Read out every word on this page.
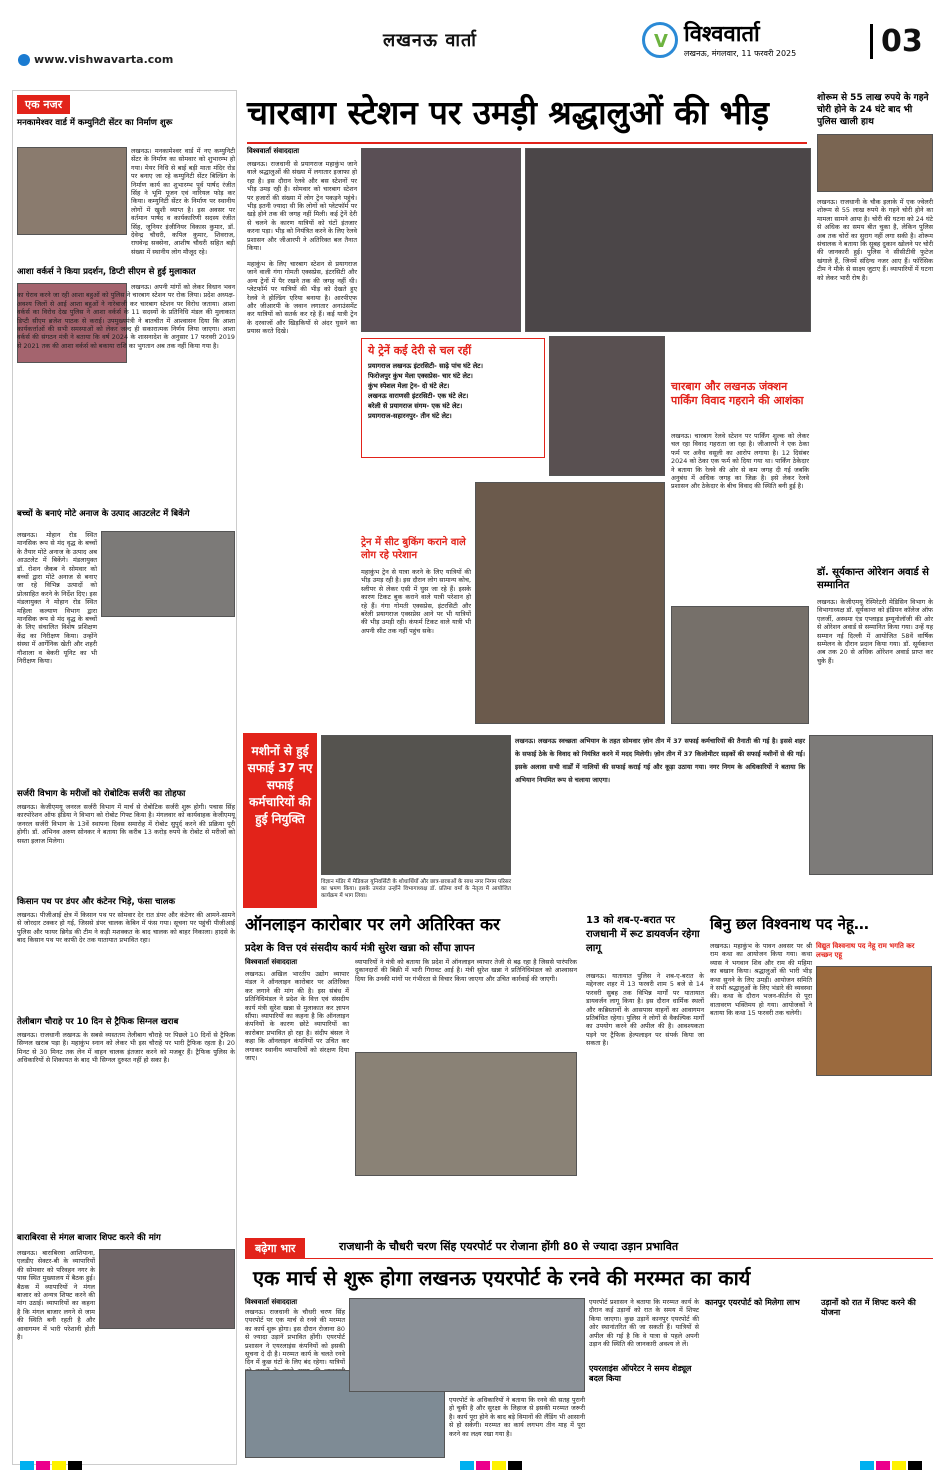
लखनऊ वार्ता
www.vishwavarta.com
V विश्ववार्ता
लखनऊ, मंगलवार, 11 फरवरी 2025	03
एक नजर
मनकामेश्वर वार्ड में कम्युनिटी सेंटर का निर्माण शुरू
लखनऊ। मनकामेश्वर वार्ड में नए कम्युनिटी सेंटर के निर्माण का सोमवार को शुभारम्भ हो गया। मेयर निधि से बाई बड़ी माता मंदिर रोड पर बनाए जा रहे कम्युनिटी सेंटर बिल्डिंग के निर्माण कार्य का शुभारम्भ पूर्व पार्षद रंजीत सिंह ने भूमि पूजन एवं नारियल फोड़ कर किया। कम्युनिटी सेंटर के निर्माण पर स्थानीय लोगों में खुशी व्याप्त है। इस अवसर पर वर्तमान पार्षद व कार्यकारिणी सदस्य रंजीत सिंह, जूनियर इंजीनियर विकास कुमार, डॉ. देवेन्द्र चौधरी, कपिल कुमार, शिवराज, राघवेन्द्र सक्सेना, आशीष चौधरी सहित बड़ी संख्या में स्थानीय लोग मौजूद रहे।
आशा वर्कर्स ने किया प्रदर्शन, डिप्टी सीएम से हुई मुलाकात
लखनऊ। अपनी मांगों को लेकर विधान भवन का घेराव करने जा रही आशा बहुओं को पुलिस ने चारबाग स्टेशन पर रोक लिया। प्रदेश अध्यक्ष-अवश्य जिलों से आई आशा बहुओं ने नारेबाजी कर चारबाग स्टेशन पर विरोध जताया। आशा वर्कर्स का विरोध देख पुलिस ने आशा वर्कर्स के 11 सदस्यों के प्रतिनिधि मंडल की मुलाकात डिप्टी सीएम ब्रजेश पाठक से कराई। उपमुख्यमंत्री ने बातचीत में आश्वासन दिया कि आशा कार्यकर्त्ताओं की सभी समस्याओं को लेकर जल्द ही सकारात्मक निर्णय लिया जाएगा। आशा वर्कर्स की संगठन मंत्री ने बताया कि वर्ष 2024 के शासनादेश के अनुसार 17 फरवरी 2019 से 2021 तक की आशा वर्कर्स को बकाया राशि का भुगतान अब तक नहीं किया गया है।
बच्चों के बनाएं मोटे अनाज के उत्पाद आउटलेट में बिकेंगे
लखनऊ। मोहान रोड स्थित मानसिक रूप से मंद वृद्ध के बच्चों के तैयार मोटे अनाज के उत्पाद अब आउटलेट में बिकेंगे। मंडलायुक्त डॉ. रोशन जैकब ने सोमवार को बच्चों द्वारा मोटे अनाज से बनाए जा रहे विभिन्न उत्पादों को प्रोत्साहित करने के निर्देश दिए। इस मंडलायुक्त ने मोहान रोड स्थित महिला कल्याण विभाग द्वारा मानसिक रूप से मंद वृद्ध के बच्चों के लिए संचालित विशेष प्रशिक्षण केंद्र का निरीक्षण किया। उन्होंने संस्था में आर्गेनिक खेती और शहरी गौशाला व बेकरी यूनिट का भी निरीक्षण किया।
सर्जरी विभाग के मरीजों को रोबोटिक सर्जरी का तोहफा
लखनऊ। केजीएमयू जनरल सर्जरी विभाग में मार्च से रोबोटिक सर्जरी शुरू होगी। पचास सिंह कारपोरेशन ऑफ इंडिया ने विभाग को रोबोट गिफ्ट किया है। मंगलवार को कार्यवाहक केजीएमयू जनरल सर्जरी विभाग के 13वें स्थापना दिवस समारोह में रोबोट सुपुर्द करने की प्रक्रिया पूरी होगी। डॉ. अभिनव अरुण सोनकर ने बताया कि करीब 13 करोड़ रुपये के रोबोट से मरीजों को सस्ता इलाज मिलेगा।
किसान पथ पर डंपर और कंटेनर भिड़े, फंसा चालक
लखनऊ। पीजीआई क्षेत्र में किसान पथ पर सोमवार देर रात डंपर और कंटेनर की आमने-सामने से जोरदार टक्कर हो गई, जिससे डंपर चालक केबिन में फंस गया। सूचना पर पहुंची पीजीआई पुलिस और फायर ब्रिगेड की टीम ने कड़ी मशक्कत के बाद चालक को बाहर निकाला। हादसे के बाद किसान पथ पर काफी देर तक यातायात प्रभावित रहा।
तेलीबाग चौराहे पर 10 दिन से ट्रैफिक सिग्नल खराब
लखनऊ। राजधानी लखनऊ के सबसे व्यस्ततम तेलीबाग चौराहे पर पिछले 10 दिनों से ट्रैफिक सिग्नल खराब पड़ा है। महाकुंभ स्नान को लेकर भी इस चौराहे पर भारी ट्रैफिक रहता है। 20 मिनट से 30 मिनट तक लेन में वाहन चालक इंतजार करने को मजबूर हैं। ट्रैफिक पुलिस के अधिकारियों से शिकायत के बाद भी सिग्नल दुरुस्त नहीं हो सका है।
बाराबिरवा से मंगल बाजार शिफ्ट करने की मांग
लखनऊ। बाराबिरवा आशियाना, एलडीए सेक्टर-बी के व्यापारियों की सोमवार को परिवहन नगर के पास स्थित मुख्यालय में बैठक हुई। बैठक में व्यापारियों ने मंगल बाजार को अन्यत्र शिफ्ट करने की मांग उठाई। व्यापारियों का कहना है कि मंगल बाजार लगने से जाम की स्थिति बनी रहती है और आवागमन में भारी परेशानी होती है।
चारबाग स्टेशन पर उमड़ी श्रद्धालुओं की भीड़
विश्ववार्ता संवाददाता
लखनऊ। राजधानी से प्रयागराज महाकुंभ जाने वाले श्रद्धालुओं की संख्या में लगातार इजाफा हो रहा है। इस दौरान रेलवे और बस स्टेशनों पर भीड़ उमड़ रही है। सोमवार को चारबाग स्टेशन पर हजारों की संख्या में लोग ट्रेन पकड़ने पहुंचे। भीड़ इतनी ज्यादा थी कि लोगों को प्लेटफॉर्म पर खड़े होने तक की जगह नहीं मिली। कई ट्रेनें देरी से चलने के कारण यात्रियों को घंटों इंतजार करना पड़ा। भीड़ को नियंत्रित करने के लिए रेलवे प्रशासन और जीआरपी ने अतिरिक्त बल तैनात किया।
महाकुंभ के लिए चारबाग स्टेशन से प्रयागराज जाने वाली गंगा गोमती एक्सप्रेस, इंटरसिटी और अन्य ट्रेनों में पैर रखने तक की जगह नहीं थी। प्लेटफॉर्म पर यात्रियों की भीड़ को देखते हुए रेलवे ने होल्डिंग एरिया बनाया है। आरपीएफ और जीआरपी के जवान लगातार अनाउंसमेंट कर यात्रियों को सतर्क कर रहे हैं। कई यात्री ट्रेन के दरवाजों और खिड़कियों से अंदर घुसने का प्रयास करते दिखे।
ये ट्रेनें कई देरी से चल रहीं
प्रयागराज लखनऊ इंटरसिटी- साढ़े पांच घंटे लेट।
फिरोजपुर कुंभ मेला एक्सप्रेस- चार घंटे लेट।
कुंभ स्पेशल मेला ट्रेन- दो घंटे लेट।
लखनऊ वाराणसी इंटरसिटी- एक घंटे लेट।
बरेली से प्रयागराज संगम- एक घंटे लेट।
प्रयागराज-सहारनपुर- तीन घंटे लेट।
ट्रेन में सीट बुकिंग कराने वाले लोग रहे परेशान
महाकुंभ ट्रेन से यात्रा करने के लिए यात्रियों की भीड़ उमड़ रही है। इस दौरान लोग सामान्य कोच, स्लीपर से लेकर एसी में घुस जा रहे हैं। इसके कारण टिकट बुक कराने वाले यात्री परेशान हो रहे हैं। गंगा गोमती एक्सप्रेस, इंटरसिटी और बरेली प्रयागराज एक्सप्रेस आने पर भी यात्रियों की भीड़ उमड़ी रही। कंफर्म टिकट वाले यात्री भी अपनी सीट तक नहीं पहुंच सके।
चारबाग और लखनऊ जंक्शन पार्किंग विवाद गहराने की आशंका
लखनऊ। चारबाग रेलवे स्टेशन पर पार्किंग शुल्क को लेकर चल रहा विवाद गहराता जा रहा है। जीआरपी ने एक ठेका फर्म पर अवैध वसूली का आरोप लगाया है। 12 दिसंबर 2024 को ठेका एक फर्म को दिया गया था। पार्किंग ठेकेदार ने बताया कि रेलवे की ओर से कम जगह दी गई जबकि अनुबंध में अधिक जगह का जिक्र है। इसे लेकर रेलवे प्रशासन और ठेकेदार के बीच विवाद की स्थिति बनी हुई है।
शोरूम से 55 लाख रुपये के गहने चोरी होने के 24 घंटे बाद भी पुलिस खाली हाथ
लखनऊ। राजधानी के चौक इलाके में एक ज्वेलरी शोरूम से 55 लाख रुपये के गहने चोरी होने का मामला सामने आया है। चोरी की घटना को 24 घंटे से अधिक का समय बीत चुका है, लेकिन पुलिस अब तक चोरों का सुराग नहीं लगा सकी है। शोरूम संचालक ने बताया कि सुबह दुकान खोलने पर चोरी की जानकारी हुई। पुलिस ने सीसीटीवी फुटेज खंगाले हैं, जिनमें संदिग्ध नजर आए हैं। फॉरेंसिक टीम ने मौके से साक्ष्य जुटाए हैं। व्यापारियों में घटना को लेकर भारी रोष है।
डॉ. सूर्यकान्त ओरेशन अवार्ड से सम्मानित
लखनऊ। केजीएमयू रेस्पिरेटरी मेडिसिन विभाग के विभागाध्यक्ष डॉ. सूर्यकान्त को इंडियन कॉलेज ऑफ एलर्जी, अस्थमा एंड एप्लाइड इम्यूनोलॉजी की ओर से ओरेशन अवार्ड से सम्मानित किया गया। उन्हें यह सम्मान नई दिल्ली में आयोजित 58वें वार्षिक सम्मेलन के दौरान प्रदान किया गया। डॉ. सूर्यकान्त अब तक 20 से अधिक ओरेशन अवार्ड प्राप्त कर चुके हैं।
मशीनों से हुई सफाई 37 नए सफाई कर्मचारियों की हुई नियुक्ति
विज्ञान मंडिर में मेडिकल यूनिवर्सिटी के शोधार्थियों और छात्र-छात्राओं के साथ नगर निगम परिसर का भ्रमण किया। इसके उपरांत उन्होंने विभागाध्यक्ष डॉ. प्रतिमा वर्मा के नेतृत्व में आयोजित कार्यक्रम में भाग लिया।
लखनऊ। लखनऊ स्वच्छता अभियान के तहत सोमवार ज़ोन तीन में 37 सफाई कर्मचारियों की तैनाती की गई है। इससे शहर के सफाई ठेके के विवाद को नियंत्रित करने में मदद मिलेगी। ज़ोन तीन में 37 किलोमीटर सड़कों की सफाई मशीनों से की गई। इसके अलावा सभी वार्डों में नालियों की सफाई कराई गई और कूड़ा उठाया गया। नगर निगम के अधिकारियों ने बताया कि अभियान नियमित रूप से चलाया जाएगा।
ऑनलाइन कारोबार पर लगे अतिरिक्त कर
प्रदेश के वित्त एवं संसदीय कार्य मंत्री सुरेश खन्ना को सौंपा ज्ञापन
विश्ववार्ता संवाददाता
लखनऊ। अखिल भारतीय उद्योग व्यापार मंडल ने ऑनलाइन कारोबार पर अतिरिक्त कर लगाने की मांग की है। इस संबंध में प्रतिनिधिमंडल ने प्रदेश के वित्त एवं संसदीय कार्य मंत्री सुरेश खन्ना से मुलाकात कर ज्ञापन सौंपा। व्यापारियों का कहना है कि ऑनलाइन कंपनियों के कारण छोटे व्यापारियों का कारोबार प्रभावित हो रहा है। संदीप बंसल ने कहा कि ऑनलाइन कंपनियों पर उचित कर लगाकर स्थानीय व्यापारियों को संरक्षण दिया जाए।
व्यापारियों ने मंत्री को बताया कि प्रदेश में ऑनलाइन व्यापार तेजी से बढ़ रहा है जिससे पारंपरिक दुकानदारों की बिक्री में भारी गिरावट आई है। मंत्री सुरेश खन्ना ने प्रतिनिधिमंडल को आश्वासन दिया कि उनकी मांगों पर गंभीरता से विचार किया जाएगा और उचित कार्रवाई की जाएगी।
13 को शब-ए-बरात पर राजधानी में रूट डायवर्जन रहेगा लागू
लखनऊ। यातायात पुलिस ने शब-ए-बरात के मद्देनजर शहर में 13 फरवरी शाम 5 बजे से 14 फरवरी सुबह तक विभिन्न मार्गों पर यातायात डायवर्जन लागू किया है। इस दौरान धार्मिक स्थलों और कब्रिस्तानों के आसपास वाहनों का आवागमन प्रतिबंधित रहेगा। पुलिस ने लोगों से वैकल्पिक मार्गों का उपयोग करने की अपील की है। आवश्यकता पड़ने पर ट्रैफिक हेल्पलाइन पर संपर्क किया जा सकता है।
बिनु छल विश्वनाथ पद नेहू…
लखनऊ। महाकुंभ के पावन अवसर पर श्री राम कथा का आयोजन किया गया। कथा व्यास ने भगवान शिव और राम की महिमा का बखान किया। श्रद्धालुओं की भारी भीड़ कथा सुनने के लिए उमड़ी। आयोजन समिति ने सभी श्रद्धालुओं के लिए भंडारे की व्यवस्था की। कथा के दौरान भजन-कीर्तन से पूरा वातावरण भक्तिमय हो गया। आयोजकों ने बताया कि कथा 15 फरवरी तक चलेगी।
विद्युत विश्वनाथ पद नेहू राम भगति कर लच्छन एहू
बढ़ेगा भार	राजधानी के चौधरी चरण सिंह एयरपोर्ट पर रोजाना होंगी 80 से ज्यादा उड़ान प्रभावित
एक मार्च से शुरू होगा लखनऊ एयरपोर्ट के रनवे की मरम्मत का कार्य
विश्ववार्ता संवाददाता
लखनऊ। राजधानी के चौधरी चरण सिंह एयरपोर्ट पर एक मार्च से रनवे की मरम्मत का कार्य शुरू होगा। इस दौरान रोजाना 80 से ज्यादा उड़ानें प्रभावित होंगी। एयरपोर्ट प्रशासन ने एयरलाइंस कंपनियों को इसकी सूचना दे दी है। मरम्मत कार्य के चलते रनवे दिन में कुछ घंटों के लिए बंद रहेगा। यात्रियों
एयरपोर्ट के अधिकारियों ने बताया कि रनवे की सतह पुरानी हो चुकी है और सुरक्षा के लिहाज से इसकी मरम्मत जरूरी है। कार्य पूरा होने के बाद बड़े विमानों की लैंडिंग भी आसानी से हो सकेगी। मरम्मत का कार्य लगभग तीन माह में पूरा करने का लक्ष्य रखा गया है।
एयरपोर्ट प्रशासन ने बताया कि मरम्मत कार्य के दौरान कई उड़ानों को रात के समय में शिफ्ट किया जाएगा। कुछ उड़ानें कानपुर एयरपोर्ट की ओर स्थानांतरित की जा सकती हैं। यात्रियों से अपील की गई है कि वे यात्रा से पहले अपनी उड़ान की स्थिति की जानकारी अवश्य ले लें।
एयरलाइंस ऑपरेटर ने समय शेड्यूल बदल किया
कानपुर एयरपोर्ट को मिलेगा लाभ	उड़ानों को रात में शिफ्ट करने की योजना
